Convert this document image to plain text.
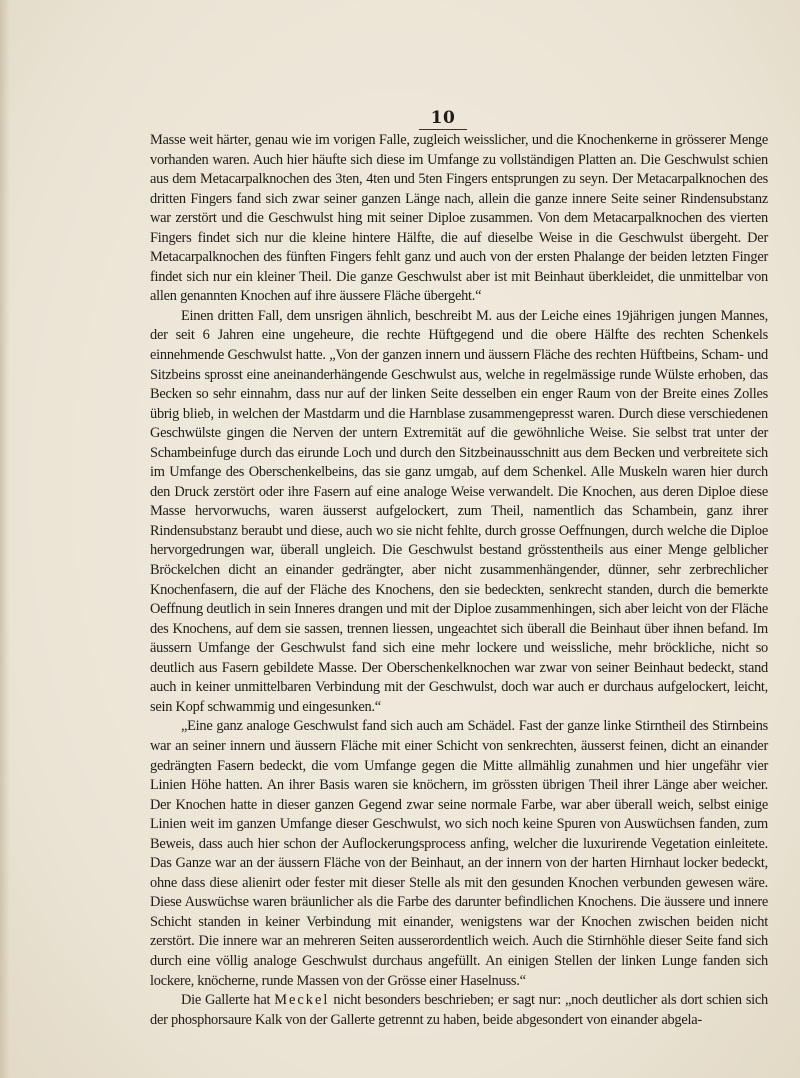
10

Masse weit härter, genau wie im vorigen Falle, zugleich weisslicher, und die Knochenkerne in grösserer Menge vorhanden waren. Auch hier häufte sich diese im Umfange zu vollständigen Platten an. Die Geschwulst schien aus dem Metacarpalknochen des 3ten, 4ten und 5ten Fingers entsprungen zu seyn. Der Metacarpalknochen des dritten Fingers fand sich zwar seiner ganzen Länge nach, allein die ganze innere Seite seiner Rindensubstanz war zerstört und die Geschwulst hing mit seiner Diploe zusammen. Von dem Metacarpalknochen des vierten Fingers findet sich nur die kleine hintere Hälfte, die auf dieselbe Weise in die Geschwulst übergeht. Der Metacarpalknochen des fünften Fingers fehlt ganz und auch von der ersten Phalange der beiden letzten Finger findet sich nur ein kleiner Theil. Die ganze Geschwulst aber ist mit Beinhaut überkleidet, die unmittelbar von allen genannten Knochen auf ihre äussere Fläche übergeht.“

Einen dritten Fall, dem unsrigen ähnlich, beschreibt M. aus der Leiche eines 19jährigen jungen Mannes, der seit 6 Jahren eine ungeheure, die rechte Hüftgegend und die obere Hälfte des rechten Schenkels einnehmende Geschwulst hatte. „Von der ganzen innern und äussern Fläche des rechten Hüftbeins, Scham- und Sitzbeins sprosst eine aneinanderhängende Geschwulst aus, welche in regelmässige runde Wülste erhoben, das Becken so sehr einnahm, dass nur auf der linken Seite desselben ein enger Raum von der Breite eines Zolles übrig blieb, in welchen der Mastdarm und die Harnblase zusammengepresst waren. Durch diese verschiedenen Geschwülste gingen die Nerven der untern Extremität auf die gewöhnliche Weise. Sie selbst trat unter der Schambeinfuge durch das eirunde Loch und durch den Sitzbeinausschnitt aus dem Becken und verbreitete sich im Umfange des Oberschenkelbeins, das sie ganz umgab, auf dem Schenkel. Alle Muskeln waren hier durch den Druck zerstört oder ihre Fasern auf eine analoge Weise verwandelt. Die Knochen, aus deren Diploe diese Masse hervorwuchs, waren äusserst aufgelockert, zum Theil, namentlich das Schambein, ganz ihrer Rindensubstanz beraubt und diese, auch wo sie nicht fehlte, durch grosse Oeffnungen, durch welche die Diploe hervorgedrungen war, überall ungleich. Die Geschwulst bestand grösstentheils aus einer Menge gelblicher Bröckelchen dicht an einander gedrängter, aber nicht zusammenhängender, dünner, sehr zerbrechlicher Knochenfasern, die auf der Fläche des Knochens, den sie bedeckten, senkrecht standen, durch die bemerkte Oeffnung deutlich in sein Inneres drangen und mit der Diploe zusammenhingen, sich aber leicht von der Fläche des Knochens, auf dem sie sassen, trennen liessen, ungeachtet sich überall die Beinhaut über ihnen befand. Im äussern Umfange der Geschwulst fand sich eine mehr lockere und weissliche, mehr bröckliche, nicht so deutlich aus Fasern gebildete Masse. Der Oberschenkelknochen war zwar von seiner Beinhaut bedeckt, stand auch in keiner unmittelbaren Verbindung mit der Geschwulst, doch war auch er durchaus aufgelockert, leicht, sein Kopf schwammig und eingesunken.“

„Eine ganz analoge Geschwulst fand sich auch am Schädel. Fast der ganze linke Stirntheil des Stirnbeins war an seiner innern und äussern Fläche mit einer Schicht von senkrechten, äusserst feinen, dicht an einander gedrängten Fasern bedeckt, die vom Umfange gegen die Mitte allmählig zunahmen und hier ungefähr vier Linien Höhe hatten. An ihrer Basis waren sie knöchern, im grössten übrigen Theil ihrer Länge aber weicher. Der Knochen hatte in dieser ganzen Gegend zwar seine normale Farbe, war aber überall weich, selbst einige Linien weit im ganzen Umfange dieser Geschwulst, wo sich noch keine Spuren von Auswüchsen fanden, zum Beweis, dass auch hier schon der Auflockerungsprocess anfing, welcher die luxurirende Vegetation einleitete. Das Ganze war an der äussern Fläche von der Beinhaut, an der innern von der harten Hirnhaut locker bedeckt, ohne dass diese alienirt oder fester mit dieser Stelle als mit den gesunden Knochen verbunden gewesen wäre. Diese Auswüchse waren bräunlicher als die Farbe des darunter befindlichen Knochens. Die äussere und innere Schicht standen in keiner Verbindung mit einander, wenigstens war der Knochen zwischen beiden nicht zerstört. Die innere war an mehreren Seiten ausserordentlich weich. Auch die Stirnhöhle dieser Seite fand sich durch eine völlig analoge Geschwulst durchaus angefüllt. An einigen Stellen der linken Lunge fanden sich lockere, knöcherne, runde Massen von der Grösse einer Haselnuss.“

Die Gallerte hat Meckel nicht besonders beschrieben; er sagt nur: „noch deutlicher als dort schien sich der phosphorsaure Kalk von der Gallerte getrennt zu haben, beide abgesondert von einander abgela-
